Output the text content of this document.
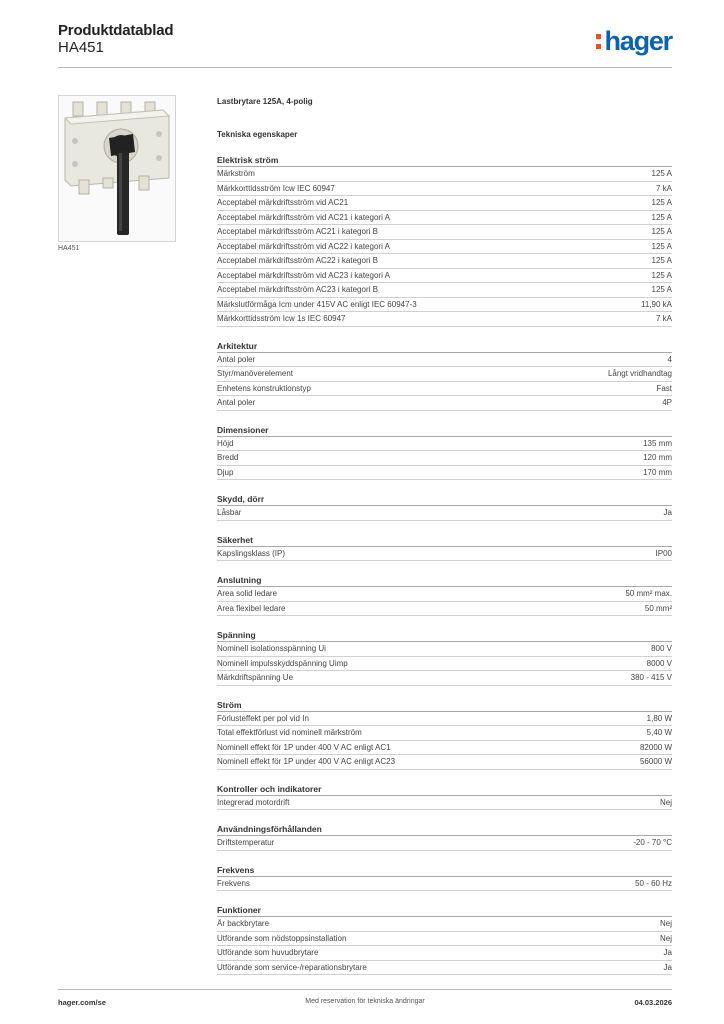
Produktdatablad
HA451	hager
HA451
Lastbrytare 125A, 4-polig
Tekniska egenskaper
Elektrisk ström
Märkström	125 A
Märkkorttidsström Icw IEC 60947	7 kA
Acceptabel märkdriftsström vid AC21	125 A
Acceptabel märkdriftsström vid AC21 i kategori A	125 A
Acceptabel märkdriftsström AC21 i kategori B	125 A
Acceptabel märkdriftsström vid AC22 i kategori A	125 A
Acceptabel märkdriftsström AC22 i kategori B	125 A
Acceptabel märkdriftsström vid AC23 i kategori A	125 A
Acceptabel märkdriftsström AC23 i kategori B	125 A
Märkslutförmåga Icm under 415V AC enligt IEC 60947-3	11,90 kA
Märkkorttidsström Icw 1s IEC 60947	7 kA
Arkitektur
Antal poler	4
Styr/manöverelement	Långt vridhandtag
Enhetens konstruktionstyp	Fast
Antal poler	4P
Dimensioner
Höjd	135 mm
Bredd	120 mm
Djup	170 mm
Skydd, dörr
Låsbar	Ja
Säkerhet
Kapslingsklass (IP)	IP00
Anslutning
Area solid ledare	50 mm² max.
Area flexibel ledare	50 mm²
Spänning
Nominell isolationsspänning Ui	800 V
Nominell impulsskyddspänning Uimp	8000 V
Märkdriftspänning Ue	380 - 415 V
Ström
Förlusteffekt per pol vid In	1,80 W
Total effektförlust vid nominell märkström	5,40 W
Nominell effekt för 1P under 400 V AC enligt AC1	82000 W
Nominell effekt för 1P under 400 V AC enligt AC23	56000 W
Kontroller och indikatorer
Integrerad motordrift	Nej
Användningsförhållanden
Driftstemperatur	-20 - 70 °C
Frekvens
Frekvens	50 - 60 Hz
Funktioner
Är backbrytare	Nej
Utförande som nödstoppsinstallation	Nej
Utförande som huvudbrytare	Ja
Utförande som service-/reparationsbrytare	Ja
hager.com/se	Med reservation för tekniska ändringar	04.03.2026
